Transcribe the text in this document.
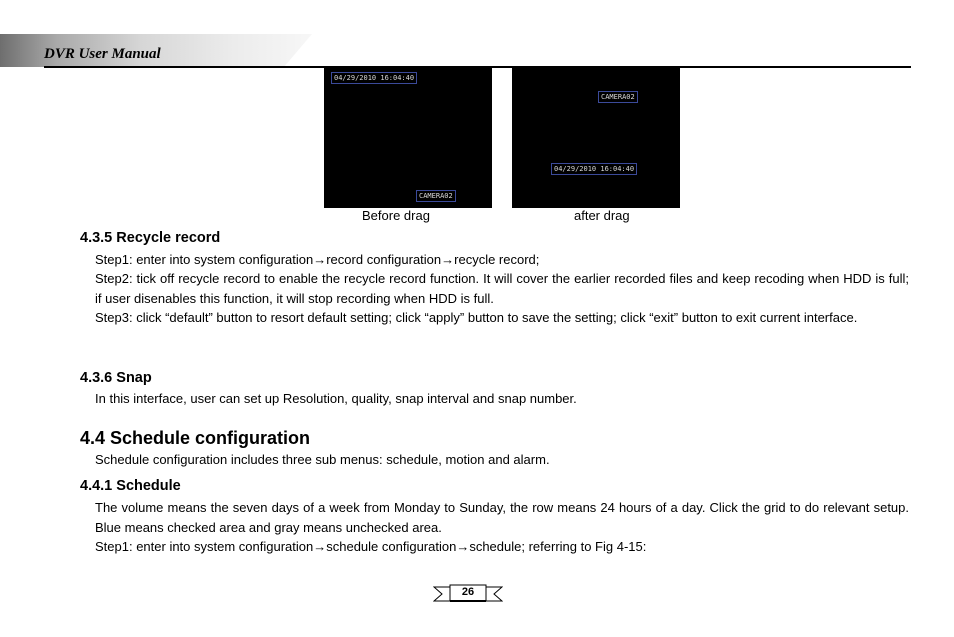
DVR User Manual
04/29/2010 16:04:40
CAMERA02
Before drag
CAMERA02
04/29/2010 16:04:40
after drag
4.3.5 Recycle record
Step1: enter into system configuration→record configuration→recycle record;
Step2: tick off recycle record to enable the recycle record function. It will cover the earlier recorded files and keep recoding when HDD is full; if user disenables this function, it will stop recording when HDD is full.
Step3: click “default” button to resort default setting; click “apply” button to save the setting; click “exit” button to exit current interface.
4.3.6 Snap
In this interface, user can set up Resolution, quality, snap interval and snap number.
4.4 Schedule configuration
Schedule configuration includes three sub menus: schedule, motion and alarm.
4.4.1 Schedule
The volume means the seven days of a week from Monday to Sunday, the row means 24 hours of a day. Click the grid to do relevant setup. Blue means checked area and gray means unchecked area.
Step1: enter into system configuration→schedule configuration→schedule; referring to Fig 4-15:
26
